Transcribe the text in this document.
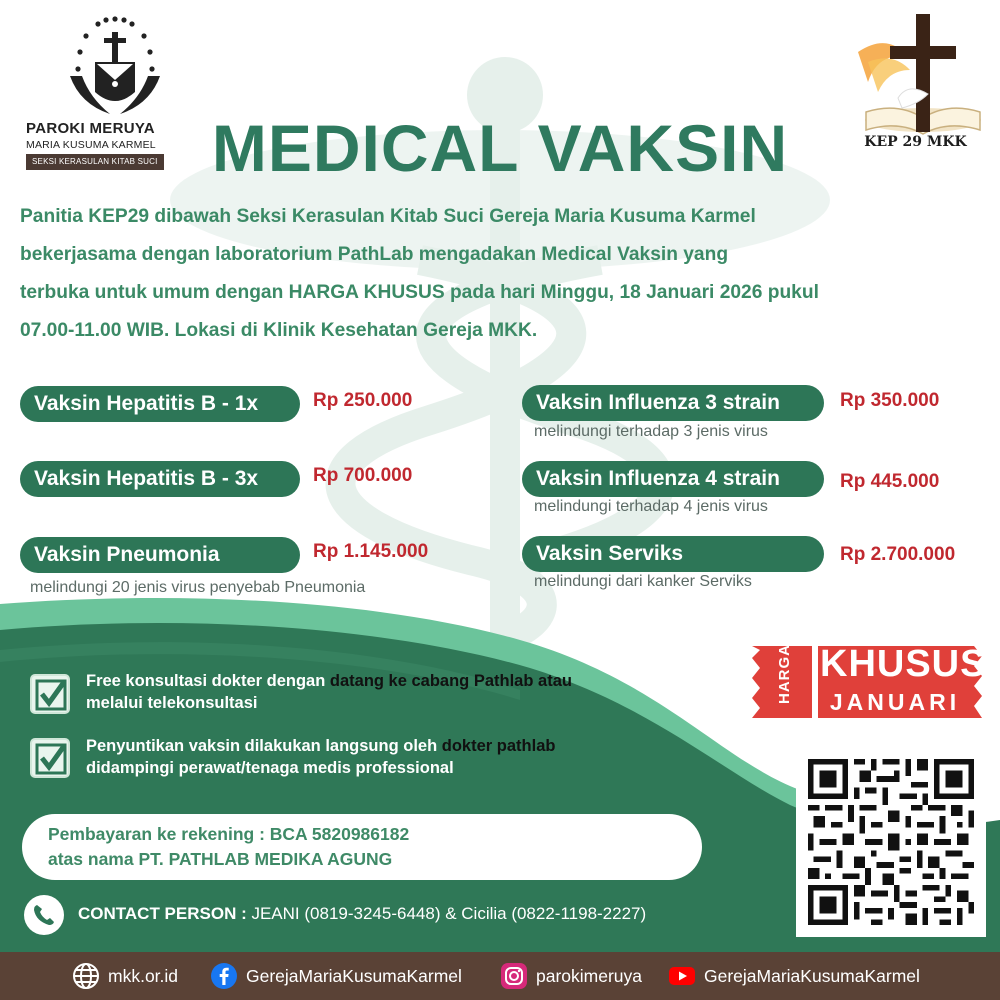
PAROKI MERUYA
MARIA KUSUMA KARMEL
SEKSI KERASULAN KITAB SUCI
KEP 29 MKK
MEDICAL VAKSIN
Panitia KEP29 dibawah Seksi Kerasulan Kitab Suci Gereja Maria Kusuma Karmel
bekerjasama dengan laboratorium PathLab mengadakan Medical Vaksin yang
terbuka untuk umum dengan HARGA KHUSUS pada hari Minggu, 18 Januari 2026 pukul
07.00-11.00 WIB. Lokasi di Klinik Kesehatan Gereja MKK.
Vaksin Hepatitis B - 1x	Rp 250.000
Vaksin Hepatitis B - 3x	Rp 700.000
Vaksin Pneumonia	Rp 1.145.000
melindungi 20 jenis virus penyebab Pneumonia
Vaksin Influenza 3 strain	Rp 350.000
melindungi terhadap 3 jenis virus
Vaksin Influenza 4 strain	Rp 445.000
melindungi terhadap 4 jenis virus
Vaksin Serviks	Rp 2.700.000
melindungi dari kanker Serviks
Free konsultasi dokter dengan datang ke cabang Pathlab atau
melalui telekonsultasi
Penyuntikan vaksin dilakukan langsung oleh dokter pathlab
didampingi perawat/tenaga medis professional
HARGA KHUSUS
JANUARI
Pembayaran ke rekening : BCA 5820986182
atas nama PT. PATHLAB MEDIKA AGUNG
CONTACT PERSON : JEANI (0819-3245-6448) & Cicilia (0822-1198-2227)
mkk.or.id	GerejaMariaKusumaKarmel	parokimeruya	GerejaMariaKusumaKarmel
